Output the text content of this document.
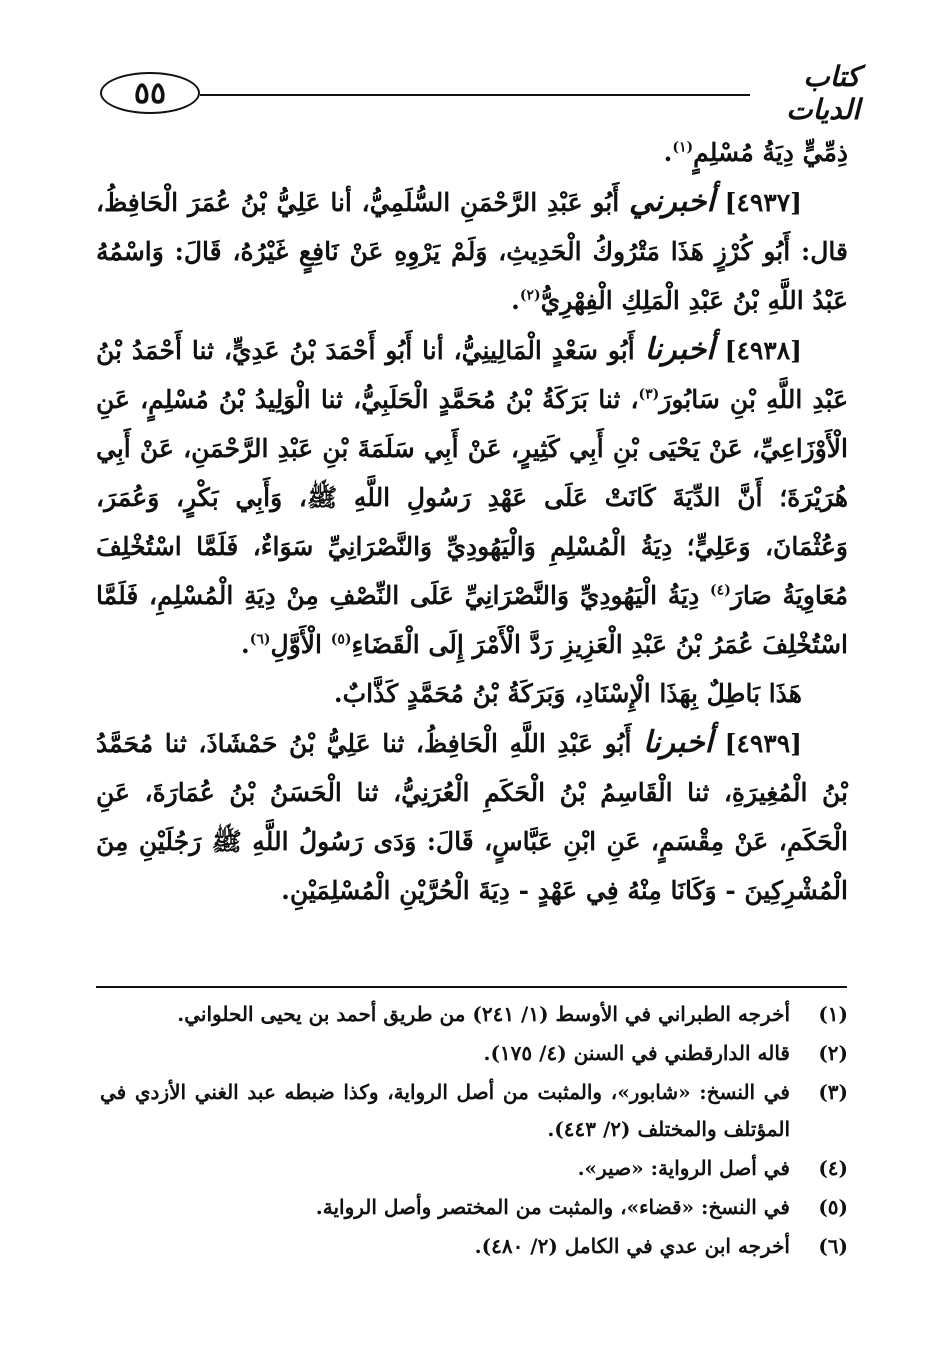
٥٥	كتاب الديات

ذِمِّيٍّ دِيَةُ مُسْلِمٍ$^{(١)}$.

[٤٩٣٧] أخبرني أَبُو عَبْدِ الرَّحْمَنِ السُّلَمِيُّ، أنا عَلِيُّ بْنُ عُمَرَ الْحَافِظُ، قال: أَبُو كُرْزٍ هَذَا مَتْرُوكُ الْحَدِيثِ، وَلَمْ يَرْوِهِ عَنْ نَافِعٍ غَيْرُهُ، قَالَ: وَاسْمُهُ عَبْدُ اللَّهِ بْنُ عَبْدِ الْمَلِكِ الْفِهْرِيُّ$^{(٢)}$.

[٤٩٣٨] أخبرنا أَبُو سَعْدٍ الْمَالِينِيُّ، أنا أَبُو أَحْمَدَ بْنُ عَدِيٍّ، ثنا أَحْمَدُ بْنُ عَبْدِ اللَّهِ بْنِ سَابُورَ$^{(٣)}$، ثنا بَرَكَةُ بْنُ مُحَمَّدٍ الْحَلَبِيُّ، ثنا الْوَلِيدُ بْنُ مُسْلِمٍ، عَنِ الْأَوْزَاعِيِّ، عَنْ يَحْيَى بْنِ أَبِي كَثِيرٍ، عَنْ أَبِي سَلَمَةَ بْنِ عَبْدِ الرَّحْمَنِ، عَنْ أَبِي هُرَيْرَةَ؛ أَنَّ الدِّيَةَ كَانَتْ عَلَى عَهْدِ رَسُولِ اللَّهِ ﷺ، وَأَبِي بَكْرٍ، وَعُمَرَ، وَعُثْمَانَ، وَعَلِيٍّ؛ دِيَةُ الْمُسْلِمِ وَالْيَهُودِيِّ وَالنَّصْرَانِيِّ سَوَاءٌ، فَلَمَّا اسْتُخْلِفَ مُعَاوِيَةُ صَارَ$^{(٤)}$ دِيَةُ الْيَهُودِيِّ وَالنَّصْرَانِيِّ عَلَى النِّصْفِ مِنْ دِيَةِ الْمُسْلِمِ، فَلَمَّا اسْتُخْلِفَ عُمَرُ بْنُ عَبْدِ الْعَزِيزِ رَدَّ الْأَمْرَ إِلَى الْقَضَاءِ$^{(٥)}$ الْأَوَّلِ$^{(٦)}$.

هَذَا بَاطِلٌ بِهَذَا الْإِسْنَادِ، وَبَرَكَةُ بْنُ مُحَمَّدٍ كَذَّابٌ.

[٤٩٣٩] أخبرنا أَبُو عَبْدِ اللَّهِ الْحَافِظُ، ثنا عَلِيُّ بْنُ حَمْشَاذَ، ثنا مُحَمَّدُ بْنُ الْمُغِيرَةِ، ثنا الْقَاسِمُ بْنُ الْحَكَمِ الْعُرَنِيُّ، ثنا الْحَسَنُ بْنُ عُمَارَةَ، عَنِ الْحَكَمِ، عَنْ مِقْسَمٍ، عَنِ ابْنِ عَبَّاسٍ، قَالَ: وَدَى رَسُولُ اللَّهِ ﷺ رَجُلَيْنِ مِنَ الْمُشْرِكِينَ - وَكَانَا مِنْهُ فِي عَهْدٍ - دِيَةَ الْحُرَّيْنِ الْمُسْلِمَيْنِ.

(١)
أخرجه الطبراني في الأوسط (١/ ٢٤١) من طريق أحمد بن يحيى الحلواني.
(٢)
قاله الدارقطني في السنن (٤/ ١٧٥).
(٣)
في النسخ: «شابور»، والمثبت من أصل الرواية، وكذا ضبطه عبد الغني الأزدي في المؤتلف والمختلف (٢/ ٤٤٣).
(٤)
في أصل الرواية: «صير».
(٥)
في النسخ: «قضاء»، والمثبت من المختصر وأصل الرواية.
(٦)
أخرجه ابن عدي في الكامل (٢/ ٤٨٠).
